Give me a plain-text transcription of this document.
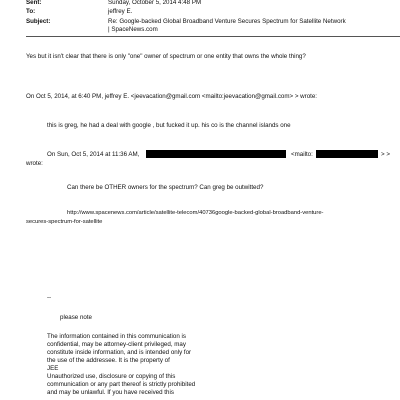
Sent:	Sunday, October 5, 2014 4:48 PM
To:	jeffrey E.
Subject:	Re: Google-backed Global Broadband Venture Secures Spectrum for Satellite Network
| SpaceNews.com
Yes but it isn't clear that there is only "one" owner of spectrum or one entity that owns the whole thing?
On Oct 5, 2014, at 6:40 PM, jeffrey E. <jeevacation@gmail.com <mailto:jeevacation@gmail.com> > wrote:
this is greg, he had a deal with google , but fucked it up. his co is the channel islands one
On Sun, Oct 5, 2014 at 11:36 AM,	<mailto:	> >
wrote:
Can there be OTHER owners for the spectrum? Can greg be outwitted?
http://www.spacenews.com/article/satellite-telecom/40736google-backed-global-broadband-venture-
secures-spectrum-for-satellite
--
please note
The information contained in this communication is
confidential, may be attorney-client privileged, may
constitute inside information, and is intended only for
the use of the addressee. It is the property of
JEE
Unauthorized use, disclosure or copying of this
communication or any part thereof is strictly prohibited
and may be unlawful. If you have received this
